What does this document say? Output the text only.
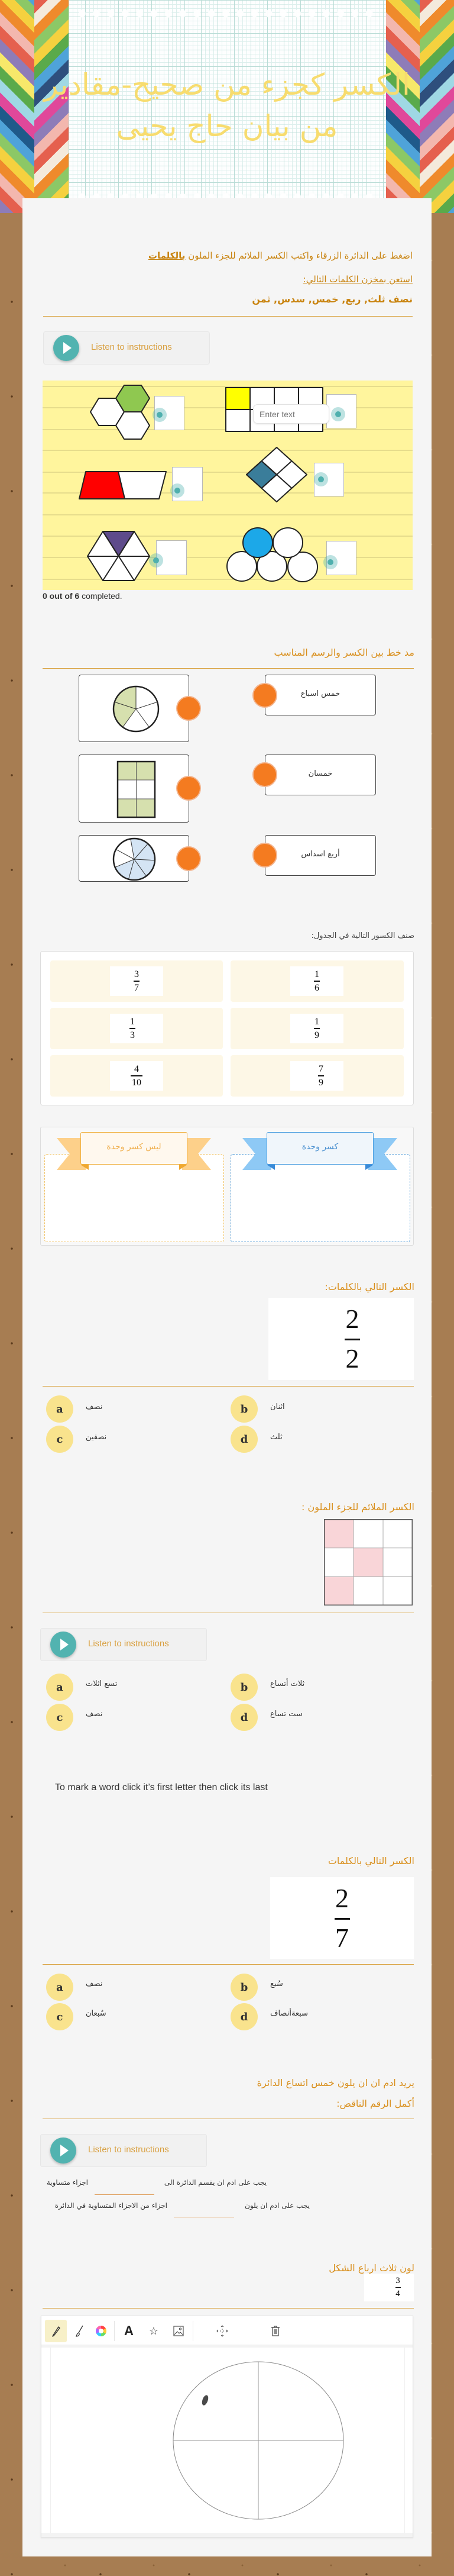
الكسر كجزء من صحيح-مقادير
من بيان حاج يحيى
اضغط على الدائرة الزرقاء واكتب الكسر الملائم للجزء الملون بالكلمات
استعن بمخزن الكلمات التالي:
نصف ثلث, ربع, خمس, سدس, ثمن
Listen to instructions
Enter text
0 out of 6 completed.
مد خط بين الكسر والرسم المناسب
خمس اسباع
خمسان
أربع اسداس
صنف الكسور التالية في الجدول:
$\frac{3}{7}$	$\frac{1}{6}$
$\frac{1}{3}$	$\frac{1}{9}$
$\frac{4}{10}$	$\frac{7}{9}$
ليس كسر وحدة	كسر وحدة
الكسر التالي بالكلمات:
$\frac{2}{2}$
a	نصف	b	اثنان
c	نصفين	d	ثلث
الكسر الملائم للجزء الملون :
Listen to instructions
a	تسع اثلاث	b	ثلاث أتساع
c	نصف	d	ست تساع
To mark a word click it’s first letter then click its last
الكسر التالي بالكلمات
$\frac{2}{7}$
a	نصف	b	سُبع
c	سُبعان	d	سبعةأنصاف
يريد ادم ان ان يلون خمس اتساع الدائرة
أكمل الرقم الناقص:
Listen to instructions
يجب على ادم ان يقسم الدائرة الى
اجزاء متساوية
يجب على ادم ان يلون
اجزاء من الاجزاء المتساوية في الدائرة
لون ثلاث ارباع الشكل
$\frac{3}{4}$
A	☆
